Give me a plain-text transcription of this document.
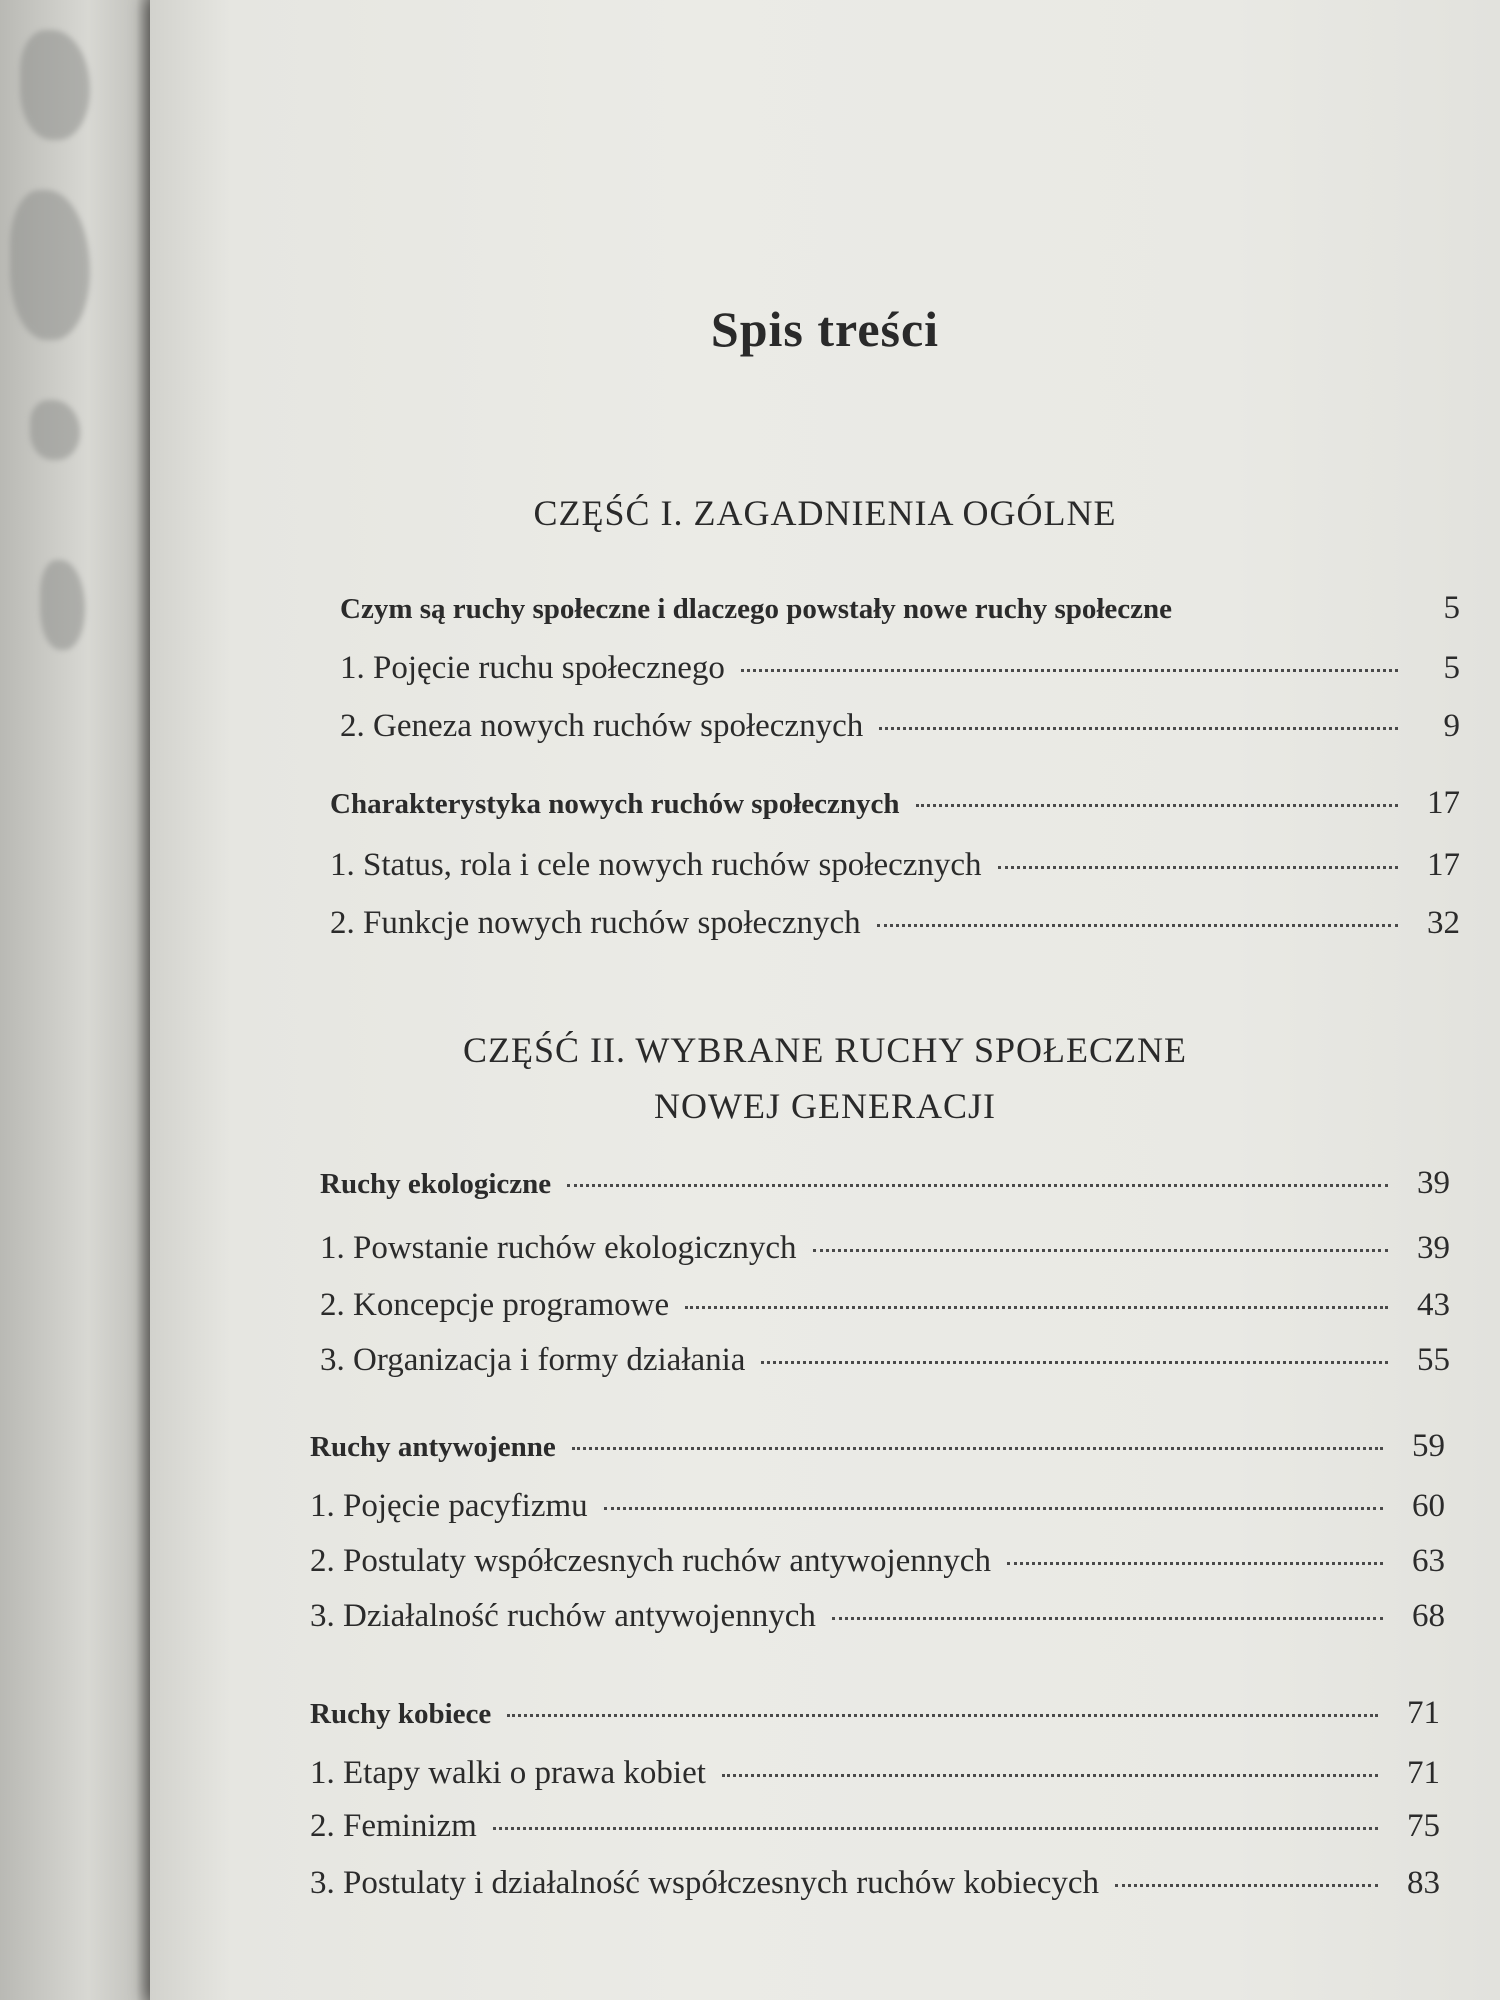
Spis treści
CZĘŚĆ I. ZAGADNIENIA OGÓLNE
Czym są ruchy społeczne i dlaczego powstały nowe ruchy społeczne	5
1. Pojęcie ruchu społecznego	5
2. Geneza nowych ruchów społecznych	9
Charakterystyka nowych ruchów społecznych	17
1. Status, rola i cele nowych ruchów społecznych	17
2. Funkcje nowych ruchów społecznych	32
CZĘŚĆ II. WYBRANE RUCHY SPOŁECZNE
NOWEJ GENERACJI
Ruchy ekologiczne	39
1. Powstanie ruchów ekologicznych	39
2. Koncepcje programowe	43
3. Organizacja i formy działania	55
Ruchy antywojenne	59
1. Pojęcie pacyfizmu	60
2. Postulaty współczesnych ruchów antywojennych	63
3. Działalność ruchów antywojennych	68
Ruchy kobiece	71
1. Etapy walki o prawa kobiet	71
2. Feminizm	75
3. Postulaty i działalność współczesnych ruchów kobiecych	83
